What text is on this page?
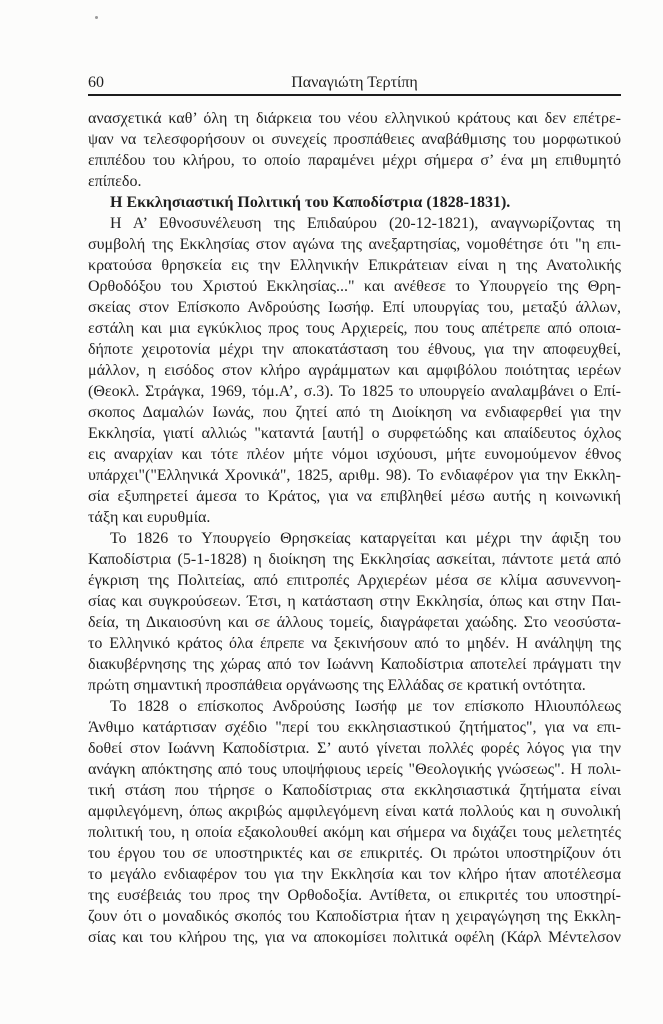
60	Παναγιώτη Τερτίπη
ανασχετικά καθ’ όλη τη διάρκεια του νέου ελληνικού κράτους και δεν επέτρε-
ψαν να τελεσφορήσουν οι συνεχείς προσπάθειες αναβάθμισης του μορφωτικού
επιπέδου του κλήρου, το οποίο παραμένει μέχρι σήμερα σ’ ένα μη επιθυμητό
επίπεδο.
Η Εκκλησιαστική Πολιτική του Καποδίστρια (1828-1831).
Η Α’ Εθνοσυνέλευση της Επιδαύρου (20-12-1821), αναγνωρίζοντας τη
συμβολή της Εκκλησίας στον αγώνα της ανεξαρτησίας, νομοθέτησε ότι "η επι-
κρατούσα θρησκεία εις την Ελληνικήν Επικράτειαν είναι η της Ανατολικής
Ορθοδόξου του Χριστού Εκκλησίας..." και ανέθεσε το Υπουργείο της Θρη-
σκείας στον Επίσκοπο Ανδρούσης Ιωσήφ. Επί υπουργίας του, μεταξύ άλλων,
εστάλη και μια εγκύκλιος προς τους Αρχιερείς, που τους απέτρεπε από οποια-
δήποτε χειροτονία μέχρι την αποκατάσταση του έθνους, για την αποφευχθεί,
μάλλον, η εισόδος στον κλήρο αγράμματων και αμφιβόλου ποιότητας ιερέων
(Θεοκλ. Στράγκα, 1969, τόμ.Α’, σ.3). Το 1825 το υπουργείο αναλαμβάνει ο Επί-
σκοπος Δαμαλών Ιωνάς, που ζητεί από τη Διοίκηση να ενδιαφερθεί για την
Εκκλησία, γιατί αλλιώς "καταντά [αυτή] ο συρφετώδης και απαίδευτος όχλος
εις αναρχίαν και τότε πλέον μήτε νόμοι ισχύουσι, μήτε ευνομούμενον έθνος
υπάρχει"("Ελληνικά Χρονικά", 1825, αριθμ. 98). Το ενδιαφέρον για την Εκκλη-
σία εξυπηρετεί άμεσα το Κράτος, για να επιβληθεί μέσω αυτής η κοινωνική
τάξη και ευρυθμία.
Το 1826 το Υπουργείο Θρησκείας καταργείται και μέχρι την άφιξη του
Καποδίστρια (5-1-1828) η διοίκηση της Εκκλησίας ασκείται, πάντοτε μετά από
έγκριση της Πολιτείας, από επιτροπές Αρχιερέων μέσα σε κλίμα ασυνεννοη-
σίας και συγκρούσεων. Έτσι, η κατάσταση στην Εκκλησία, όπως και στην Παι-
δεία, τη Δικαιοσύνη και σε άλλους τομείς, διαγράφεται χαώδης. Στο νεοσύστα-
το Ελληνικό κράτος όλα έπρεπε να ξεκινήσουν από το μηδέν. Η ανάληψη της
διακυβέρνησης της χώρας από τον Ιωάννη Καποδίστρια αποτελεί πράγματι την
πρώτη σημαντική προσπάθεια οργάνωσης της Ελλάδας σε κρατική οντότητα.
Το 1828 ο επίσκοπος Ανδρούσης Ιωσήφ με τον επίσκοπο Ηλιουπόλεως
Άνθιμο κατάρτισαν σχέδιο "περί του εκκλησιαστικού ζητήματος", για να επι-
δοθεί στον Ιωάννη Καποδίστρια. Σ’ αυτό γίνεται πολλές φορές λόγος για την
ανάγκη απόκτησης από τους υποψήφιους ιερείς "Θεολογικής γνώσεως". Η πολι-
τική στάση που τήρησε ο Καποδίστριας στα εκκλησιαστικά ζητήματα είναι
αμφιλεγόμενη, όπως ακριβώς αμφιλεγόμενη είναι κατά πολλούς και η συνολική
πολιτική του, η οποία εξακολουθεί ακόμη και σήμερα να διχάζει τους μελετητές
του έργου του σε υποστηρικτές και σε επικριτές. Οι πρώτοι υποστηρίζουν ότι
το μεγάλο ενδιαφέρον του για την Εκκλησία και τον κλήρο ήταν αποτέλεσμα
της ευσέβειάς του προς την Ορθοδοξία. Αντίθετα, οι επικριτές του υποστηρί-
ζουν ότι ο μοναδικός σκοπός του Καποδίστρια ήταν η χειραγώγηση της Εκκλη-
σίας και του κλήρου της, για να αποκομίσει πολιτικά οφέλη (Κάρλ Μέντελσον
